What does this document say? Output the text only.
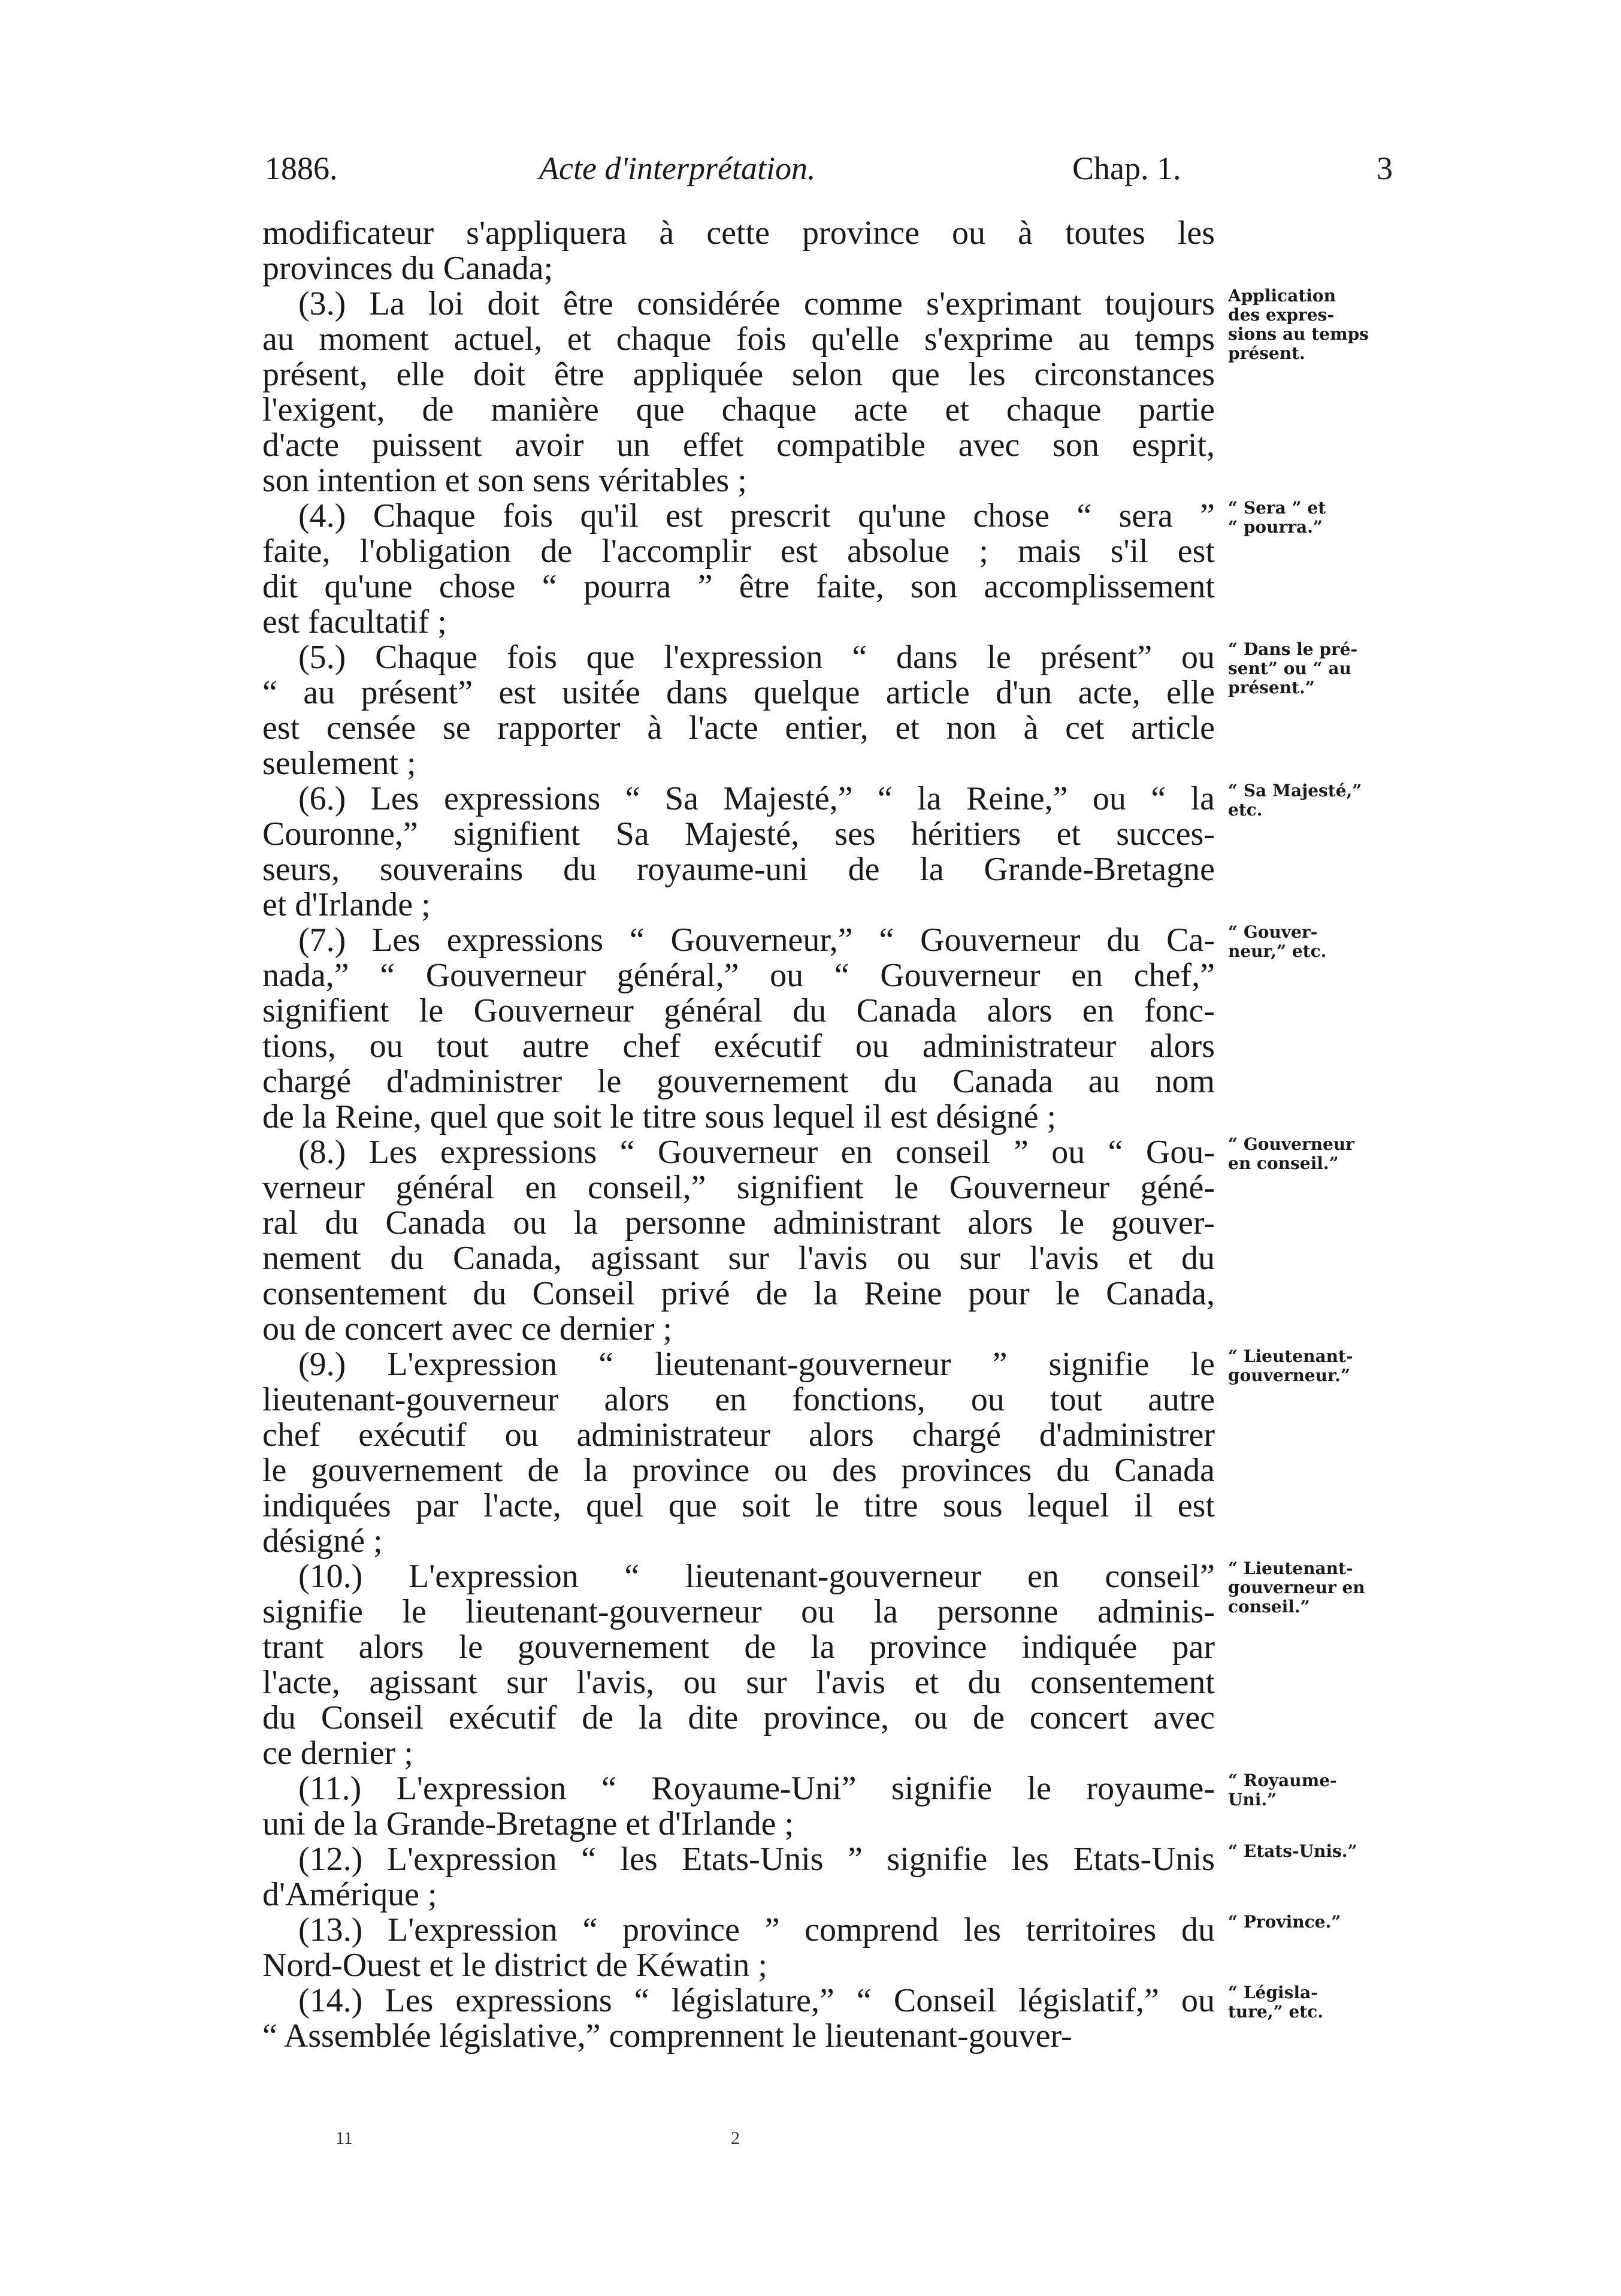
1886.	Acte d'interprétation.	Chap. 1.	3
modificateur s'appliquera à cette province ou à toutes les
provinces du Canada;
(3.) La loi doit être considérée comme s'exprimant toujours
au moment actuel, et chaque fois qu'elle s'exprime au temps
présent, elle doit être appliquée selon que les circonstances
l'exigent, de manière que chaque acte et chaque partie
d'acte puissent avoir un effet compatible avec son esprit,
son intention et son sens véritables ;
Application
des expres-
sions au temps
présent.
(4.) Chaque fois qu'il est prescrit qu'une chose “ sera ”
faite, l'obligation de l'accomplir est absolue ; mais s'il est
dit qu'une chose “ pourra ” être faite, son accomplissement
est facultatif ;
“ Sera ” et
“ pourra.”
(5.) Chaque fois que l'expression “ dans le présent” ou
“ au présent” est usitée dans quelque article d'un acte, elle
est censée se rapporter à l'acte entier, et non à cet article
seulement ;
“ Dans le pré-
sent” ou “ au
présent.”
(6.) Les expressions “ Sa Majesté,” “ la Reine,” ou “ la
Couronne,” signifient Sa Majesté, ses héritiers et succes-
seurs, souverains du royaume-uni de la Grande-Bretagne
et d'Irlande ;
“ Sa Majesté,”
etc.
(7.) Les expressions “ Gouverneur,” “ Gouverneur du Ca-
nada,” “ Gouverneur général,” ou “ Gouverneur en chef,”
signifient le Gouverneur général du Canada alors en fonc-
tions, ou tout autre chef exécutif ou administrateur alors
chargé d'administrer le gouvernement du Canada au nom
de la Reine, quel que soit le titre sous lequel il est désigné ;
“ Gouver-
neur,” etc.
(8.) Les expressions “ Gouverneur en conseil ” ou “ Gou-
verneur général en conseil,” signifient le Gouverneur géné-
ral du Canada ou la personne administrant alors le gouver-
nement du Canada, agissant sur l'avis ou sur l'avis et du
consentement du Conseil privé de la Reine pour le Canada,
ou de concert avec ce dernier ;
“ Gouverneur
en conseil.”
(9.) L'expression “ lieutenant-gouverneur ” signifie le
lieutenant-gouverneur alors en fonctions, ou tout autre
chef exécutif ou administrateur alors chargé d'administrer
le gouvernement de la province ou des provinces du Canada
indiquées par l'acte, quel que soit le titre sous lequel il est
désigné ;
“ Lieutenant-
gouverneur.”
(10.) L'expression “ lieutenant-gouverneur en conseil”
signifie le lieutenant-gouverneur ou la personne adminis-
trant alors le gouvernement de la province indiquée par
l'acte, agissant sur l'avis, ou sur l'avis et du consentement
du Conseil exécutif de la dite province, ou de concert avec
ce dernier ;
“ Lieutenant-
gouverneur en
conseil.”
(11.) L'expression “ Royaume-Uni” signifie le royaume-
uni de la Grande-Bretagne et d'Irlande ;
“ Royaume-
Uni.”
(12.) L'expression “ les Etats-Unis ” signifie les Etats-Unis
d'Amérique ;
“ Etats-Unis.”
(13.) L'expression “ province ” comprend les territoires du
Nord-Ouest et le district de Kéwatin ;
“ Province.”
(14.) Les expressions “ législature,” “ Conseil législatif,” ou
“ Assemblée législative,” comprennent le lieutenant-gouver-
“ Législa-
ture,” etc.
11	2
